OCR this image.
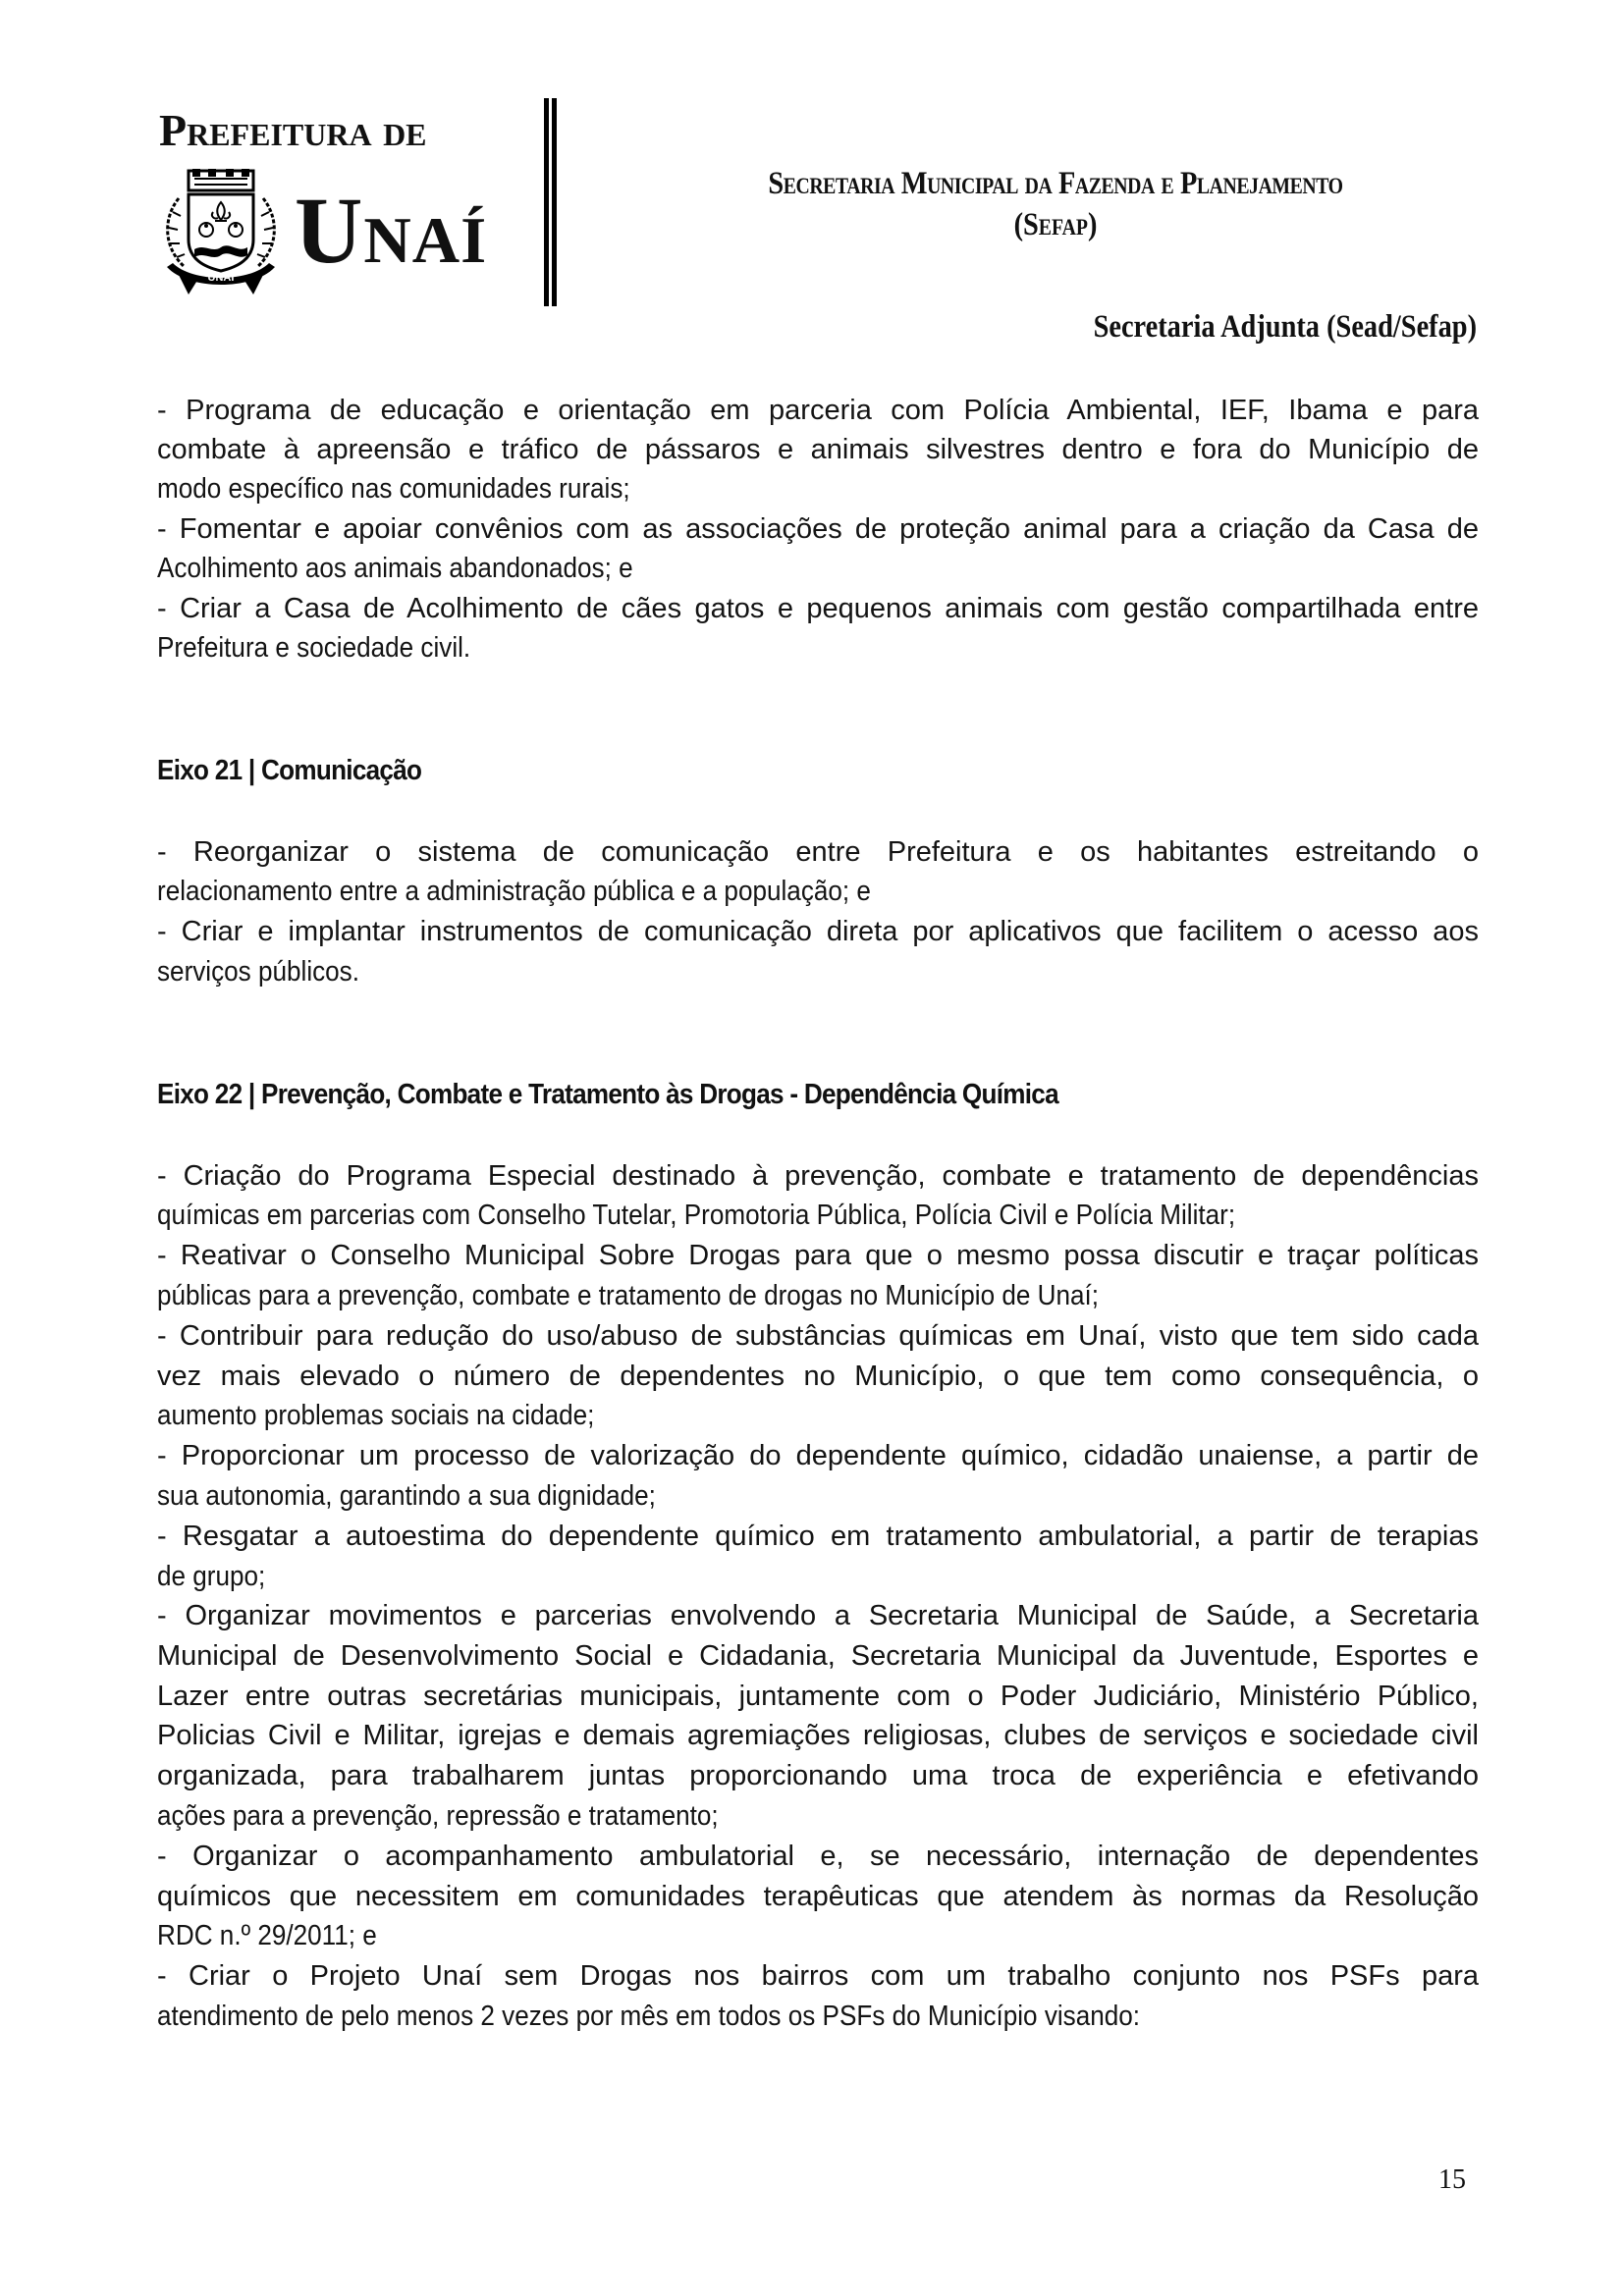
Prefeitura de
UNAÍ Unaí	Secretaria Municipal da Fazenda e Planejamento
(Sefap)
Secretaria Adjunta (Sead/Sefap)
- Programa de educação e orientação em parceria com Polícia Ambiental, IEF, Ibama e para
combate à apreensão e tráfico de pássaros e animais silvestres dentro e fora do Município de
modo específico nas comunidades rurais;
- Fomentar e apoiar convênios com as associações de proteção animal para a criação da Casa de
Acolhimento aos animais abandonados; e
- Criar a Casa de Acolhimento de cães gatos e pequenos animais com gestão compartilhada entre
Prefeitura e sociedade civil.
Eixo 21 | Comunicação
- Reorganizar o sistema de comunicação entre Prefeitura e os habitantes estreitando o
relacionamento entre a administração pública e a população; e
- Criar e implantar instrumentos de comunicação direta por aplicativos que facilitem o acesso aos
serviços públicos.
Eixo 22 | Prevenção, Combate e Tratamento às Drogas - Dependência Química
- Criação do Programa Especial destinado à prevenção, combate e tratamento de dependências
químicas em parcerias com Conselho Tutelar, Promotoria Pública, Polícia Civil e Polícia Militar;
- Reativar o Conselho Municipal Sobre Drogas para que o mesmo possa discutir e traçar políticas
públicas para a prevenção, combate e tratamento de drogas no Município de Unaí;
- Contribuir para redução do uso/abuso de substâncias químicas em Unaí, visto que tem sido cada
vez mais elevado o número de dependentes no Município, o que tem como consequência, o
aumento problemas sociais na cidade;
- Proporcionar um processo de valorização do dependente químico, cidadão unaiense, a partir de
sua autonomia, garantindo a sua dignidade;
- Resgatar a autoestima do dependente químico em tratamento ambulatorial, a partir de terapias
de grupo;
- Organizar movimentos e parcerias envolvendo a Secretaria Municipal de Saúde, a Secretaria
Municipal de Desenvolvimento Social e Cidadania, Secretaria Municipal da Juventude, Esportes e
Lazer entre outras secretárias municipais, juntamente com o Poder Judiciário, Ministério Público,
Policias Civil e Militar, igrejas e demais agremiações religiosas, clubes de serviços e sociedade civil
organizada, para trabalharem juntas proporcionando uma troca de experiência e efetivando
ações para a prevenção, repressão e tratamento;
- Organizar o acompanhamento ambulatorial e, se necessário, internação de dependentes
químicos que necessitem em comunidades terapêuticas que atendem às normas da Resolução
RDC n.º 29/2011; e
- Criar o Projeto Unaí sem Drogas nos bairros com um trabalho conjunto nos PSFs para
atendimento de pelo menos 2 vezes por mês em todos os PSFs do Município visando:
15
